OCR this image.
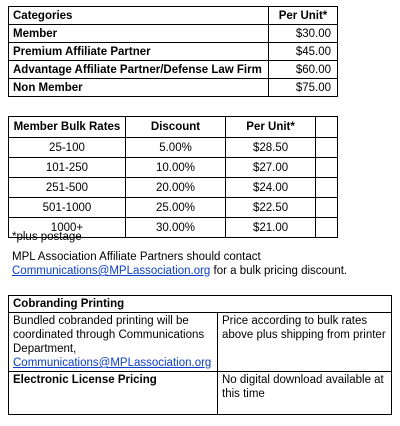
Categories	Per Unit*
Member	$30.00
Premium Affiliate Partner	$45.00
Advantage Affiliate Partner/Defense Law Firm	$60.00
Non Member	$75.00
Member Bulk Rates	Discount	Per Unit*	
25-100	5.00%	$28.50	
101-250	10.00%	$27.00	
251-500	20.00%	$24.00	
501-1000	25.00%	$22.50	
1000+	30.00%	$21.00	
*plus postage
MPL Association Affiliate Partners should contact
Communications@MPLassociation.org for a bulk pricing discount.
Cobranding Printing	
Bundled cobranded printing will be coordinated through Communications Department,
Communications@MPLassociation.org	Price according to bulk rates above plus shipping from printer
Electronic License Pricing	No digital download available at this time
